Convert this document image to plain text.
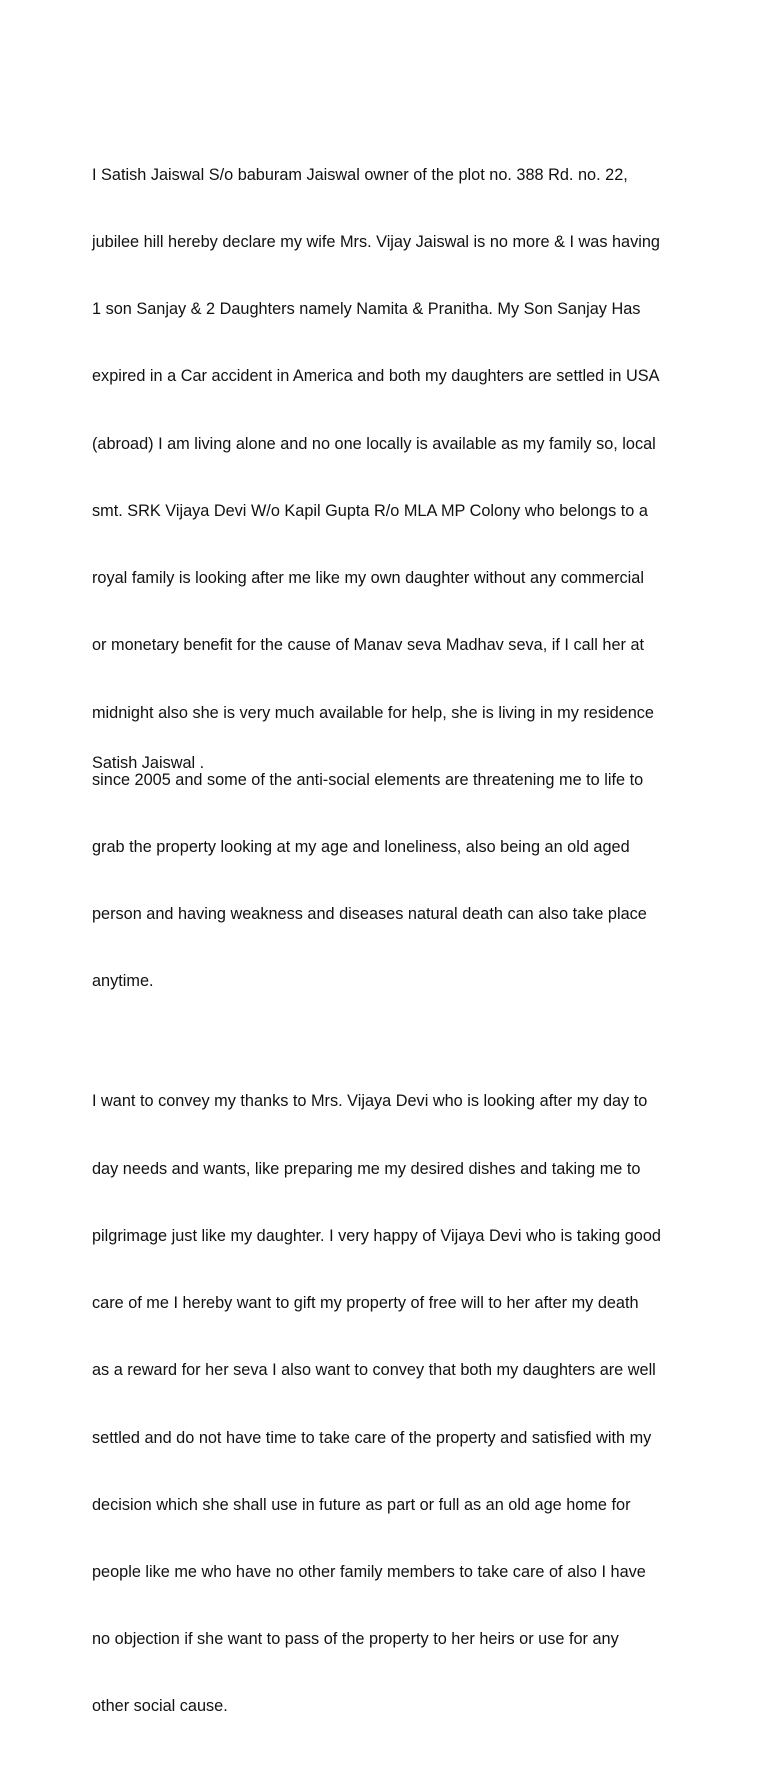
I Satish Jaiswal S/o baburam Jaiswal owner of the plot no. 388 Rd. no. 22,

jubilee hill hereby declare my wife Mrs. Vijay Jaiswal is no more & I was having

1 son Sanjay & 2 Daughters namely Namita & Pranitha. My Son Sanjay Has

expired in a Car accident in America and both my daughters are settled in USA

(abroad) I am living alone and no one locally is available as my family so, local

smt. SRK Vijaya Devi W/o Kapil Gupta R/o MLA MP Colony who belongs to a

royal family is looking after me like my own daughter without any commercial

or monetary benefit for the cause of Manav seva Madhav seva, if I call her at

midnight also she is very much available for help, she is living in my residence

since 2005 and some of the anti-social elements are threatening me to life to

grab the property looking at my age and loneliness, also being an old aged

person and having weakness and diseases natural death can also take place

anytime.

I want to convey my thanks to Mrs. Vijaya Devi who is looking after my day to

day needs and wants, like preparing me my desired dishes and taking me to

pilgrimage just like my daughter. I very happy of Vijaya Devi who is taking good

care of me I hereby want to gift my property of free will to her after my death

as a reward for her seva I also want to convey that both my daughters are well

settled and do not have time to take care of the property and satisfied with my

decision which she shall use in future as part or full as an old age home for

people like me who have no other family members to take care of also I have

no objection if she want to pass of the property to her heirs or use for any

other social cause.

Satish Jaiswal .
